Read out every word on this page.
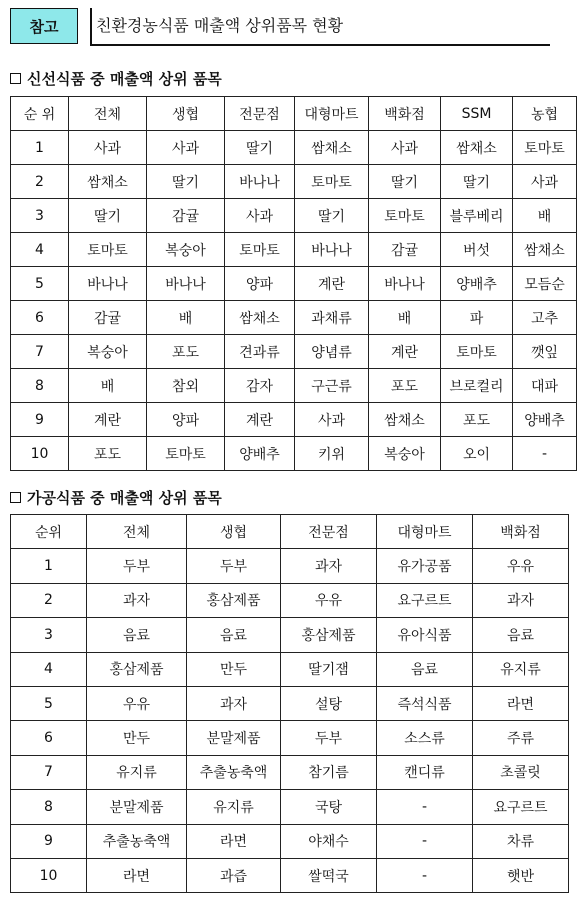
참고	친환경농식품 매출액 상위품목 현황
신선식품 중 매출액 상위 품목
순 위	전체	생협	전문점	대형마트	백화점	SSM	농협
1	사과	사과	딸기	쌈채소	사과	쌈채소	토마토
2	쌈채소	딸기	바나나	토마토	딸기	딸기	사과
3	딸기	감귤	사과	딸기	토마토	블루베리	배
4	토마토	복숭아	토마토	바나나	감귤	버섯	쌈채소
5	바나나	바나나	양파	계란	바나나	양배추	모듬순
6	감귤	배	쌈채소	과채류	배	파	고추
7	복숭아	포도	견과류	양념류	계란	토마토	깻잎
8	배	참외	감자	구근류	포도	브로컬리	대파
9	계란	양파	계란	사과	쌈채소	포도	양배추
10	포도	토마토	양배추	키위	복숭아	오이	-
가공식품 중 매출액 상위 품목
순위	전체	생협	전문점	대형마트	백화점
1	두부	두부	과자	유가공품	우유
2	과자	홍삼제품	우유	요구르트	과자
3	음료	음료	홍삼제품	유아식품	음료
4	홍삼제품	만두	딸기잼	음료	유지류
5	우유	과자	설탕	즉석식품	라면
6	만두	분말제품	두부	소스류	주류
7	유지류	추출농축액	참기름	캔디류	초콜릿
8	분말제품	유지류	국탕	-	요구르트
9	추출농축액	라면	야채수	-	차류
10	라면	과즙	쌀떡국	-	햇반
